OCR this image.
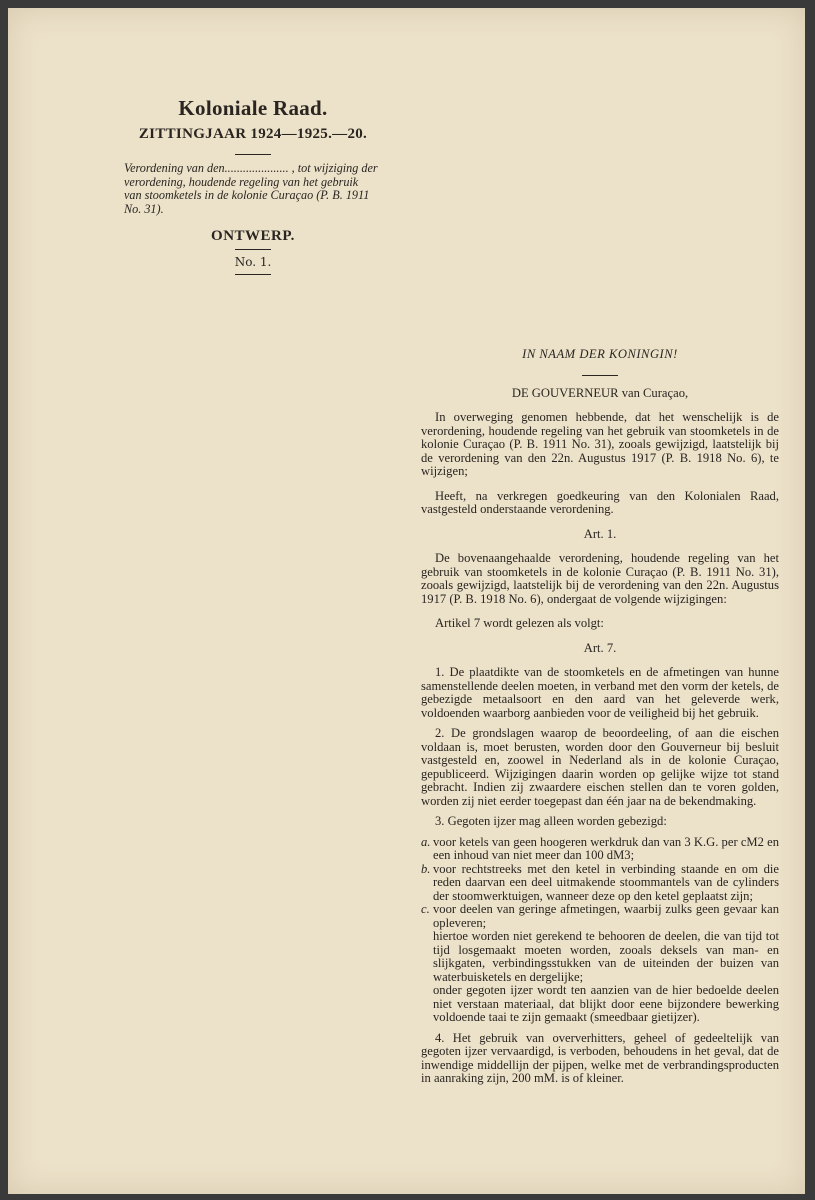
Koloniale Raad.
ZITTINGJAAR 1924—1925.—20.
Verordening van den..................... , tot wijziging der verordening, houdende regeling van het gebruik van stoomketels in de kolonie Curaçao (P. B. 1911 No. 31).
ONTWERP.
No. 1.
IN NAAM DER KONINGIN!
DE GOUVERNEUR van Curaçao,
In overweging genomen hebbende, dat het wenschelijk is de verordening, houdende regeling van het gebruik van stoomketels in de kolonie Curaçao (P. B. 1911 No. 31), zooals gewijzigd, laatstelijk bij de verordening van den 22n. Augustus 1917 (P. B. 1918 No. 6), te wijzigen;
Heeft, na verkregen goedkeuring van den Kolonialen Raad, vastgesteld onderstaande verordening.
Art. 1.
De bovenaangehaalde verordening, houdende regeling van het gebruik van stoomketels in de kolonie Curaçao (P. B. 1911 No. 31), zooals gewijzigd, laatstelijk bij de verordening van den 22n. Augustus 1917 (P. B. 1918 No. 6), ondergaat de volgende wijzigingen:
Artikel 7 wordt gelezen als volgt:
Art. 7.
1. De plaatdikte van de stoomketels en de afmetingen van hunne samenstellende deelen moeten, in verband met den vorm der ketels, de gebezigde metaalsoort en den aard van het geleverde werk, voldoenden waarborg aanbieden voor de veiligheid bij het gebruik.
2. De grondslagen waarop de beoordeeling, of aan die eischen voldaan is, moet berusten, worden door den Gouverneur bij besluit vastgesteld en, zoowel in Nederland als in de kolonie Curaçao, gepubliceerd. Wijzigingen daarin worden op gelijke wijze tot stand gebracht. Indien zij zwaardere eischen stellen dan te voren golden, worden zij niet eerder toegepast dan één jaar na de bekendmaking.
3. Gegoten ijzer mag alleen worden gebezigd:
a. voor ketels van geen hoogeren werkdruk dan van 3 K.G. per cM2 en een inhoud van niet meer dan 100 dM3;
b. voor rechtstreeks met den ketel in verbinding staande en om die reden daarvan een deel uitmakende stoommantels van de cylinders der stoomwerktuigen, wanneer deze op den ketel geplaatst zijn;
c. voor deelen van geringe afmetingen, waarbij zulks geen gevaar kan opleveren;
hiertoe worden niet gerekend te behooren de deelen, die van tijd tot tijd losgemaakt moeten worden, zooals deksels van man- en slijkgaten, verbindingsstukken van de uiteinden der buizen van waterbuisketels en dergelijke;
onder gegoten ijzer wordt ten aanzien van de hier bedoelde deelen niet verstaan materiaal, dat blijkt door eene bijzondere bewerking voldoende taai te zijn gemaakt (smeedbaar gietijzer).
4. Het gebruik van oververhitters, geheel of gedeeltelijk van gegoten ijzer vervaardigd, is verboden, behoudens in het geval, dat de inwendige middellijn der pijpen, welke met de verbrandingsproducten in aanraking zijn, 200 mM. is of kleiner.
